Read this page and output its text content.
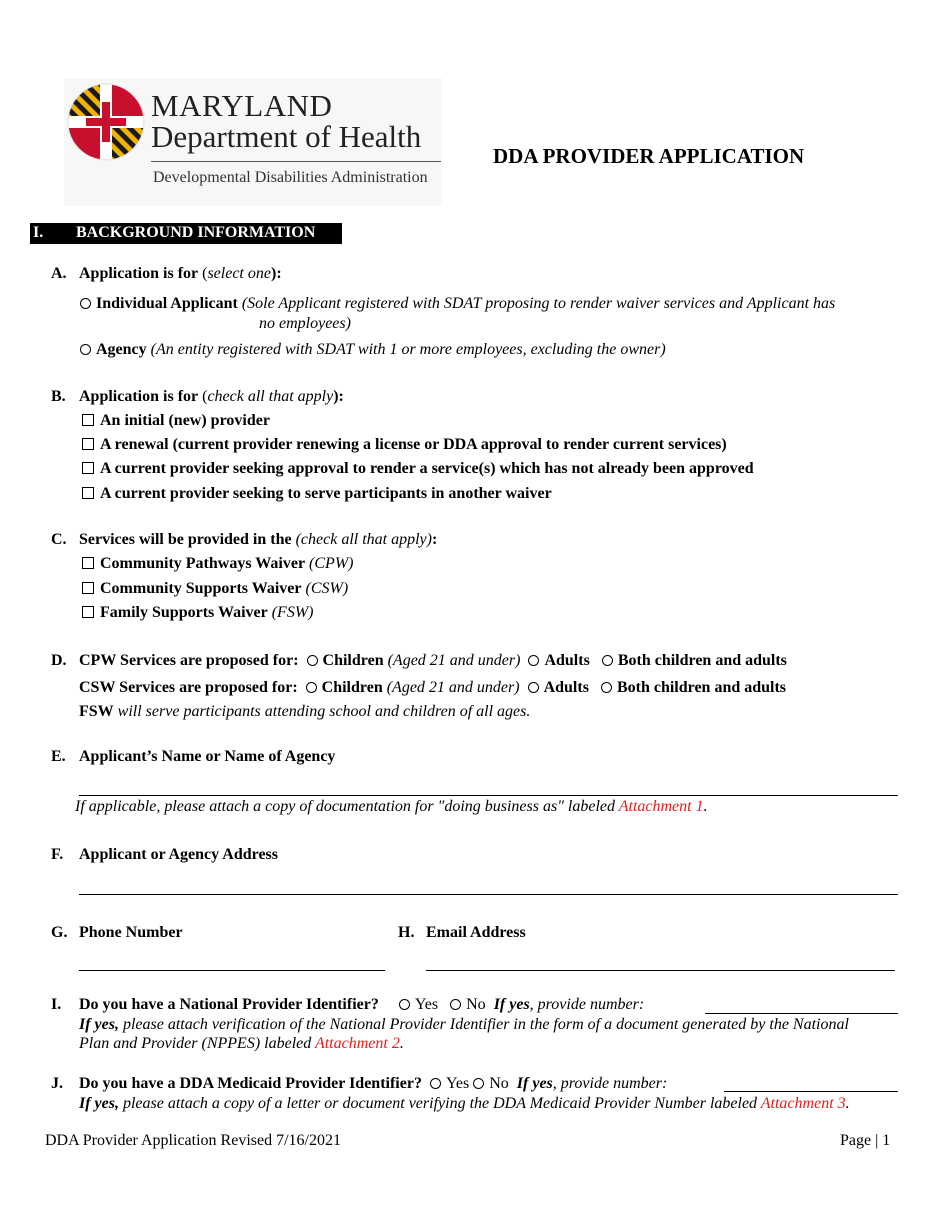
MARYLAND
Department of Health
Developmental Disabilities Administration
DDA PROVIDER APPLICATION
I. BACKGROUND INFORMATION
A. Application is for (select one):
Individual Applicant (Sole Applicant registered with SDAT proposing to render waiver services and Applicant has
no employees)
Agency (An entity registered with SDAT with 1 or more employees, excluding the owner)
B. Application is for (check all that apply):
An initial (new) provider
A renewal (current provider renewing a license or DDA approval to render current services)
A current provider seeking approval to render a service(s) which has not already been approved
A current provider seeking to serve participants in another waiver
C. Services will be provided in the (check all that apply):
Community Pathways Waiver (CPW)
Community Supports Waiver (CSW)
Family Supports Waiver (FSW)
D. CPW Services are proposed for: Children (Aged 21 and under) Adults Both children and adults
CSW Services are proposed for: Children (Aged 21 and under) Adults Both children and adults
FSW will serve participants attending school and children of all ages.
E. Applicant’s Name or Name of Agency
If applicable, please attach a copy of documentation for "doing business as" labeled Attachment 1.
F. Applicant or Agency Address
G. Phone Number	H. Email Address
I. Do you have a National Provider Identifier? Yes No If yes, provide number:
If yes, please attach verification of the National Provider Identifier in the form of a document generated by the National
Plan and Provider (NPPES) labeled Attachment 2.
J. Do you have a DDA Medicaid Provider Identifier? Yes No If yes, provide number:
If yes, please attach a copy of a letter or document verifying the DDA Medicaid Provider Number labeled Attachment 3.
DDA Provider Application Revised 7/16/2021	Page | 1
